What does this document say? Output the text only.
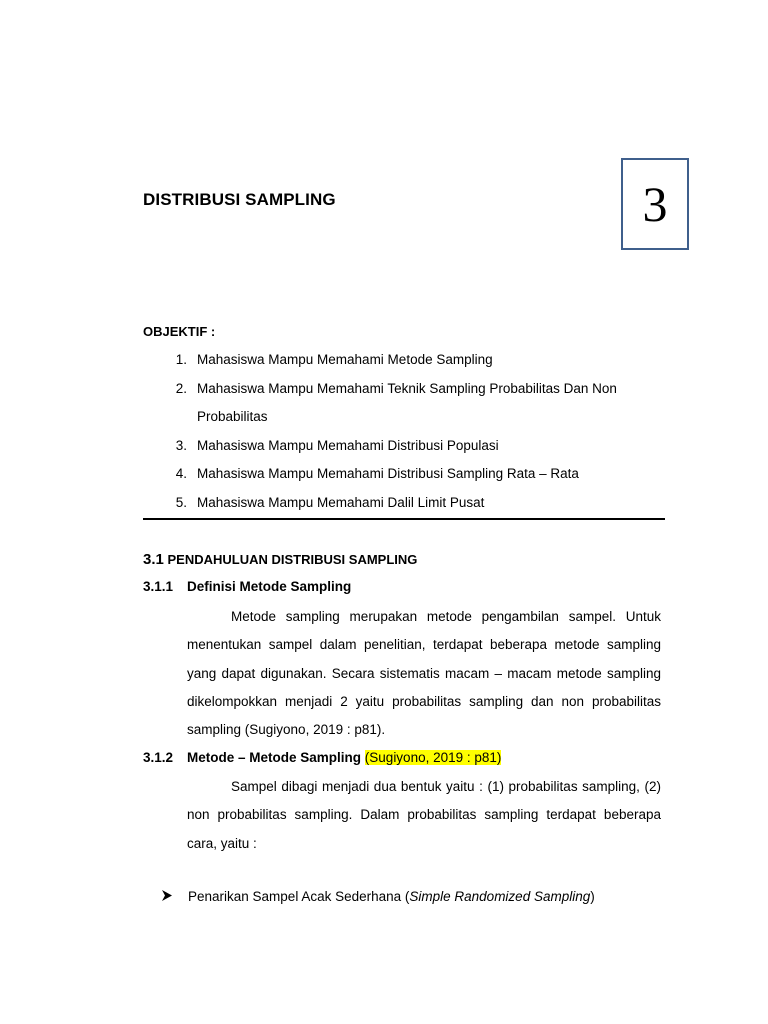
DISTRIBUSI SAMPLING	3
OBJEKTIF :
1. Mahasiswa Mampu Memahami Metode Sampling
2. Mahasiswa Mampu Memahami Teknik Sampling Probabilitas Dan Non Probabilitas
3. Mahasiswa Mampu Memahami Distribusi Populasi
4. Mahasiswa Mampu Memahami Distribusi Sampling Rata – Rata
5. Mahasiswa Mampu Memahami Dalil Limit Pusat
3.1 PENDAHULUAN DISTRIBUSI SAMPLING
3.1.1 Definisi Metode Sampling

Metode sampling merupakan metode pengambilan sampel. Untuk menentukan sampel dalam penelitian, terdapat beberapa metode sampling yang dapat digunakan. Secara sistematis macam – macam metode sampling dikelompokkan menjadi 2 yaitu probabilitas sampling dan non probabilitas sampling (Sugiyono, 2019 : p81).

3.1.2 Metode – Metode Sampling (Sugiyono, 2019 : p81)

Sampel dibagi menjadi dua bentuk yaitu : (1) probabilitas sampling, (2) non probabilitas sampling. Dalam probabilitas sampling terdapat beberapa cara, yaitu :

Penarikan Sampel Acak Sederhana (Simple Randomized Sampling)
